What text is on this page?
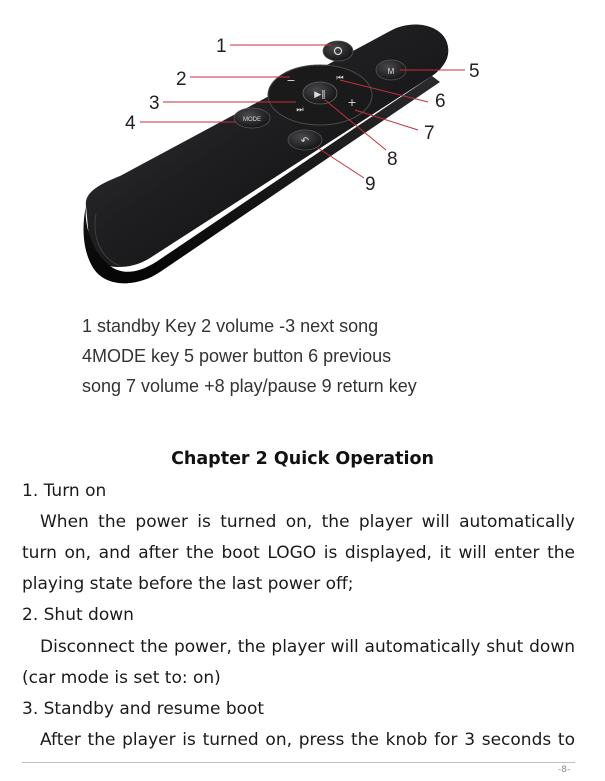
M
▶‖
⏮
⏭
+
−
MODE
↶
1
2
3
4
5
6
7
8
9
1 standby Key 2 volume -3 next song
4MODE key 5 power button 6 previous
song 7 volume +8 play/pause 9 return key
Chapter 2 Quick Operation
1. Turn on
When the power is turned on, the player will automatically
turn on, and after the boot LOGO is displayed, it will enter the
playing state before the last power off;
2. Shut down
Disconnect the power, the player will automatically shut down
(car mode is set to: on)
3. Standby and resume boot
After the player is turned on, press the knob for 3 seconds to
-8-
